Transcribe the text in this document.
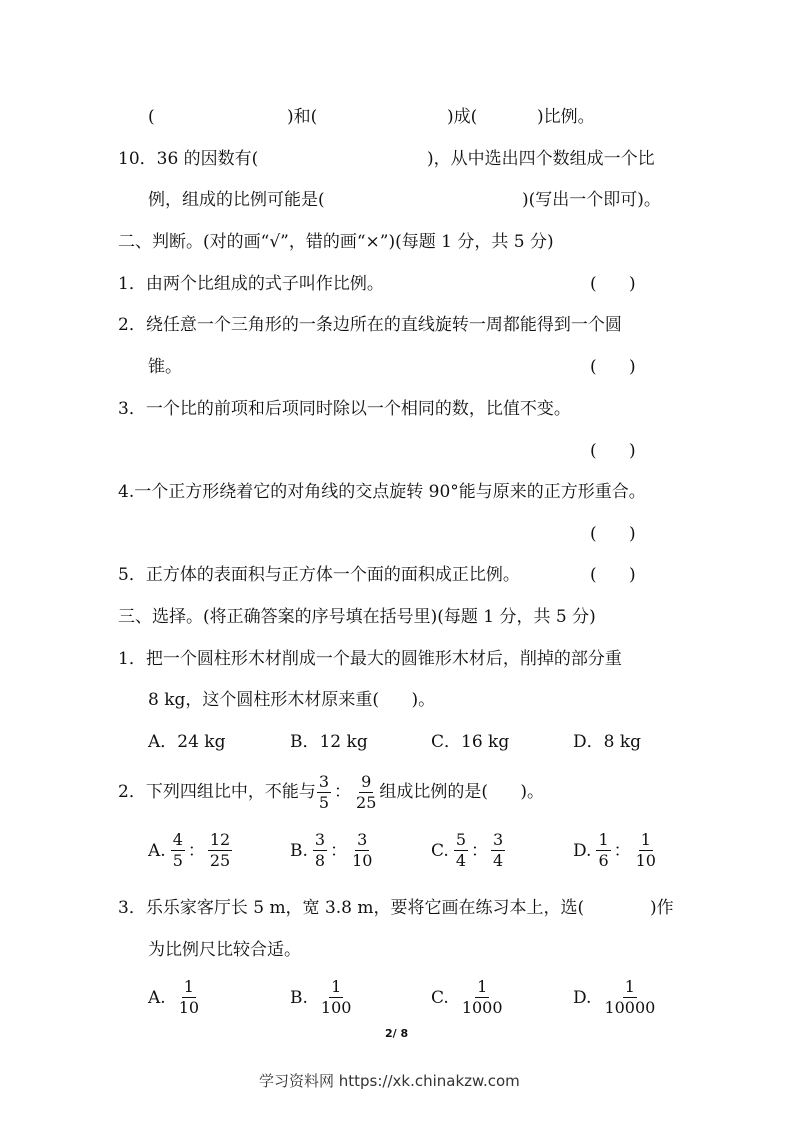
(	)和(	)成(	)比例。
10．36 的因数有(	)，从中选出四个数组成一个比
例，组成的比例可能是(	)(写出一个即可)。
二、判断。(对的画“√”，错的画“×”)(每题 1 分，共 5 分)
1．由两个比组成的式子叫作比例。	(      )
2．绕任意一个三角形的一条边所在的直线旋转一周都能得到一个圆
锥。	(      )
3．一个比的前项和后项同时除以一个相同的数，比值不变。
(      )
4.一个正方形绕着它的对角线的交点旋转 90°能与原来的正方形重合。
(      )
5．正方体的表面积与正方体一个面的面积成正比例。	(      )
三、选择。(将正确答案的序号填在括号里)(每题 1 分，共 5 分)
1．把一个圆柱形木材削成一个最大的圆锥形木材后，削掉的部分重
8 kg，这个圆柱形木材原来重(      )。
A．24 kg	B．12 kg	C．16 kg	D．8 kg
2．下列四组比中，不能与 $\frac{3}{5}$ ： $\frac{9}{25}$ 组成比例的是(      )。
A. $\frac{4}{5}$ ： $\frac{12}{25}$	B. $\frac{3}{8}$ ： $\frac{3}{10}$	C. $\frac{5}{4}$ ： $\frac{3}{4}$	D. $\frac{1}{6}$ ： $\frac{1}{10}$
3．乐乐家客厅长 5 m，宽 3.8 m，要将它画在练习本上，选(	)作
为比例尺比较合适。
A. $\frac{1}{10}$	B. $\frac{1}{100}$	C. $\frac{1}{1000}$	D. $\frac{1}{10000}$
2/ 8
学习资料网 https://xk.chinakzw.com
